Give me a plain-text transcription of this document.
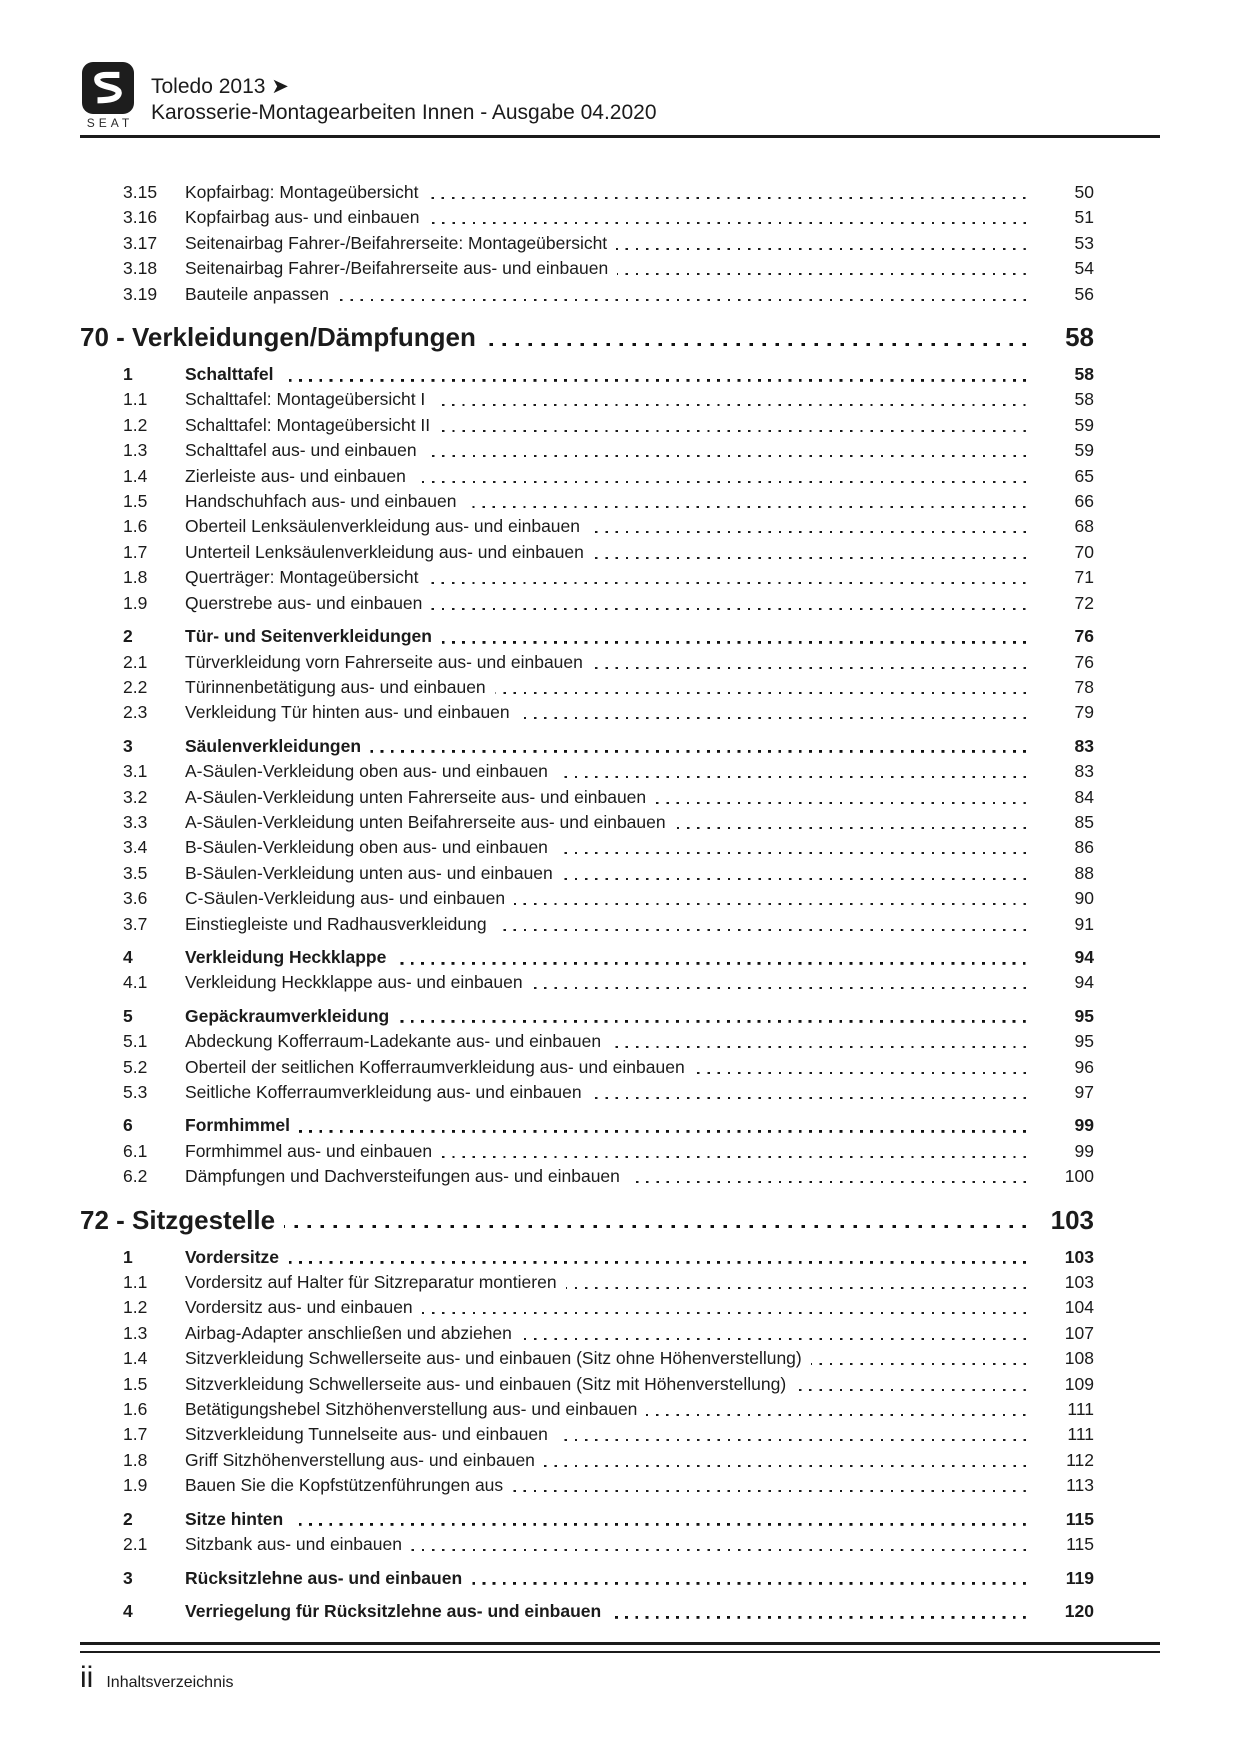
SEAT
Toledo 2013 ➤
Karosserie-Montagearbeiten Innen - Ausgabe 04.2020
3.15	Kopfairbag: Montageübersicht	50
3.16	Kopfairbag aus- und einbauen	51
3.17	Seitenairbag Fahrer-/Beifahrerseite: Montageübersicht	53
3.18	Seitenairbag Fahrer-/Beifahrerseite aus- und einbauen	54
3.19	Bauteile anpassen	56
70 - Verkleidungen/Dämpfungen	58
1	Schalttafel	58
1.1	Schalttafel: Montageübersicht I	58
1.2	Schalttafel: Montageübersicht II	59
1.3	Schalttafel aus- und einbauen	59
1.4	Zierleiste aus- und einbauen	65
1.5	Handschuhfach aus- und einbauen	66
1.6	Oberteil Lenksäulenverkleidung aus- und einbauen	68
1.7	Unterteil Lenksäulenverkleidung aus- und einbauen	70
1.8	Querträger: Montageübersicht	71
1.9	Querstrebe aus- und einbauen	72
2	Tür- und Seitenverkleidungen	76
2.1	Türverkleidung vorn Fahrerseite aus- und einbauen	76
2.2	Türinnenbetätigung aus- und einbauen	78
2.3	Verkleidung Tür hinten aus- und einbauen	79
3	Säulenverkleidungen	83
3.1	A-Säulen-Verkleidung oben aus- und einbauen	83
3.2	A-Säulen-Verkleidung unten Fahrerseite aus- und einbauen	84
3.3	A-Säulen-Verkleidung unten Beifahrerseite aus- und einbauen	85
3.4	B-Säulen-Verkleidung oben aus- und einbauen	86
3.5	B-Säulen-Verkleidung unten aus- und einbauen	88
3.6	C-Säulen-Verkleidung aus- und einbauen	90
3.7	Einstiegleiste und Radhausverkleidung	91
4	Verkleidung Heckklappe	94
4.1	Verkleidung Heckklappe aus- und einbauen	94
5	Gepäckraumverkleidung	95
5.1	Abdeckung Kofferraum-Ladekante aus- und einbauen	95
5.2	Oberteil der seitlichen Kofferraumverkleidung aus- und einbauen	96
5.3	Seitliche Kofferraumverkleidung aus- und einbauen	97
6	Formhimmel	99
6.1	Formhimmel aus- und einbauen	99
6.2	Dämpfungen und Dachversteifungen aus- und einbauen	100
72 - Sitzgestelle	103
1	Vordersitze	103
1.1	Vordersitz auf Halter für Sitzreparatur montieren	103
1.2	Vordersitz aus- und einbauen	104
1.3	Airbag-Adapter anschließen und abziehen	107
1.4	Sitzverkleidung Schwellerseite aus- und einbauen (Sitz ohne Höhenverstellung)	108
1.5	Sitzverkleidung Schwellerseite aus- und einbauen (Sitz mit Höhenverstellung)	109
1.6	Betätigungshebel Sitzhöhenverstellung aus- und einbauen	111
1.7	Sitzverkleidung Tunnelseite aus- und einbauen	111
1.8	Griff Sitzhöhenverstellung aus- und einbauen	112
1.9	Bauen Sie die Kopfstützenführungen aus	113
2	Sitze hinten	115
2.1	Sitzbank aus- und einbauen	115
3	Rücksitzlehne aus- und einbauen	119
4	Verriegelung für Rücksitzlehne aus- und einbauen	120
ii Inhaltsverzeichnis
